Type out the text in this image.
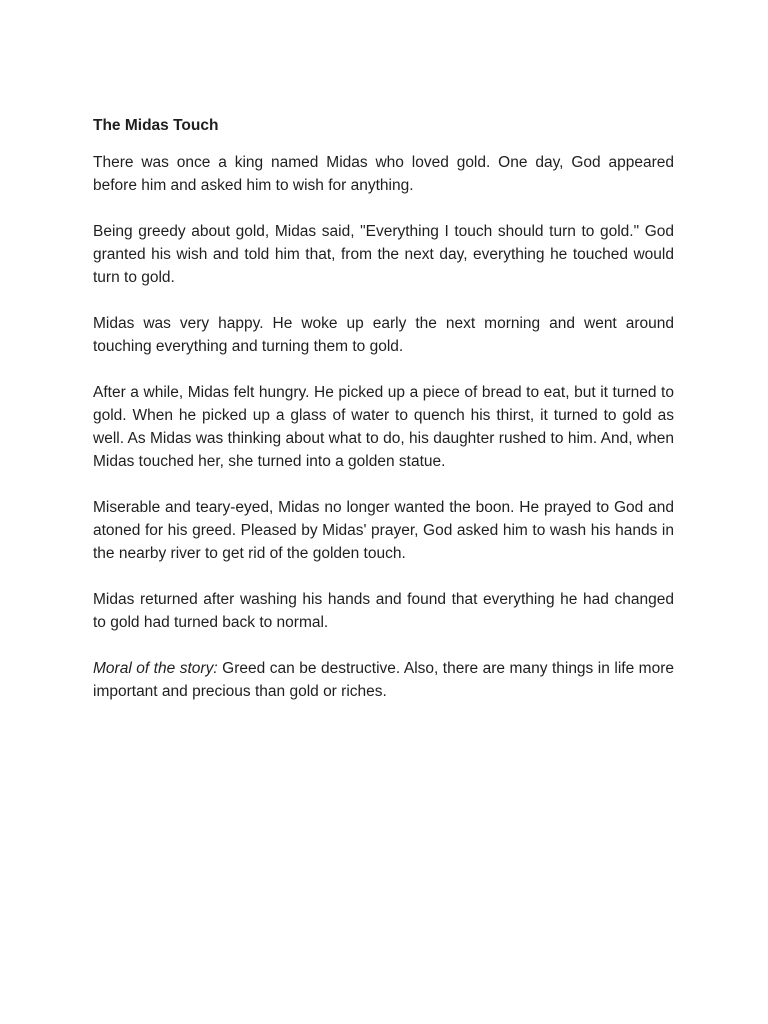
The Midas Touch

There was once a king named Midas who loved gold. One day, God appeared before him and asked him to wish for anything.

Being greedy about gold, Midas said, "Everything I touch should turn to gold." God granted his wish and told him that, from the next day, everything he touched would turn to gold.

Midas was very happy. He woke up early the next morning and went around touching everything and turning them to gold.

After a while, Midas felt hungry. He picked up a piece of bread to eat, but it turned to gold. When he picked up a glass of water to quench his thirst, it turned to gold as well. As Midas was thinking about what to do, his daughter rushed to him. And, when Midas touched her, she turned into a golden statue.

Miserable and teary-eyed, Midas no longer wanted the boon. He prayed to God and atoned for his greed. Pleased by Midas' prayer, God asked him to wash his hands in the nearby river to get rid of the golden touch.

Midas returned after washing his hands and found that everything he had changed to gold had turned back to normal.

Moral of the story: Greed can be destructive. Also, there are many things in life more important and precious than gold or riches.
